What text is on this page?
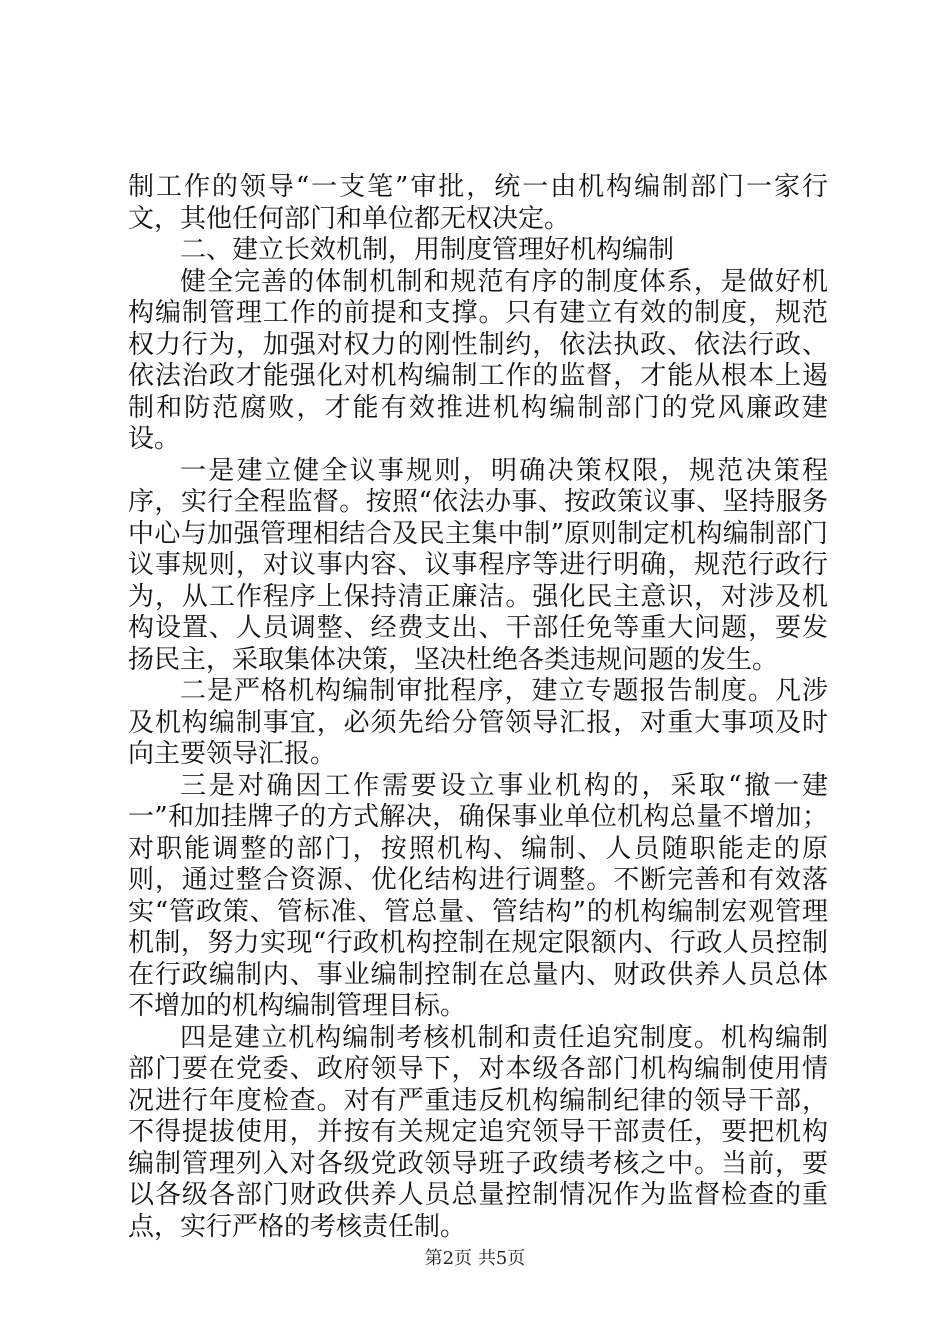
制工作的领导“一支笔”审批，统一由机构编制部门一家行文，其他任何部门和单位都无权决定。

二、建立长效机制，用制度管理好机构编制

健全完善的体制机制和规范有序的制度体系，是做好机构编制管理工作的前提和支撑。只有建立有效的制度，规范权力行为，加强对权力的刚性制约，依法执政、依法行政、依法治政才能强化对机构编制工作的监督，才能从根本上遏制和防范腐败，才能有效推进机构编制部门的党风廉政建设。

一是建立健全议事规则，明确决策权限，规范决策程序，实行全程监督。按照“依法办事、按政策议事、坚持服务中心与加强管理相结合及民主集中制”原则制定机构编制部门议事规则，对议事内容、议事程序等进行明确，规范行政行为，从工作程序上保持清正廉洁。强化民主意识，对涉及机构设置、人员调整、经费支出、干部任免等重大问题，要发扬民主，采取集体决策，坚决杜绝各类违规问题的发生。

二是严格机构编制审批程序，建立专题报告制度。凡涉及机构编制事宜，必须先给分管领导汇报，对重大事项及时向主要领导汇报。

三是对确因工作需要设立事业机构的，采取“撤一建一”和加挂牌子的方式解决，确保事业单位机构总量不增加；对职能调整的部门，按照机构、编制、人员随职能走的原则，通过整合资源、优化结构进行调整。不断完善和有效落实“管政策、管标准、管总量、管结构”的机构编制宏观管理机制，努力实现“行政机构控制在规定限额内、行政人员控制在行政编制内、事业编制控制在总量内、财政供养人员总体不增加的机构编制管理目标。

四是建立机构编制考核机制和责任追究制度。机构编制部门要在党委、政府领导下，对本级各部门机构编制使用情况进行年度检查。对有严重违反机构编制纪律的领导干部，不得提拔使用，并按有关规定追究领导干部责任，要把机构编制管理列入对各级党政领导班子政绩考核之中。当前，要以各级各部门财政供养人员总量控制情况作为监督检查的重点，实行严格的考核责任制。

第2页 共5页
